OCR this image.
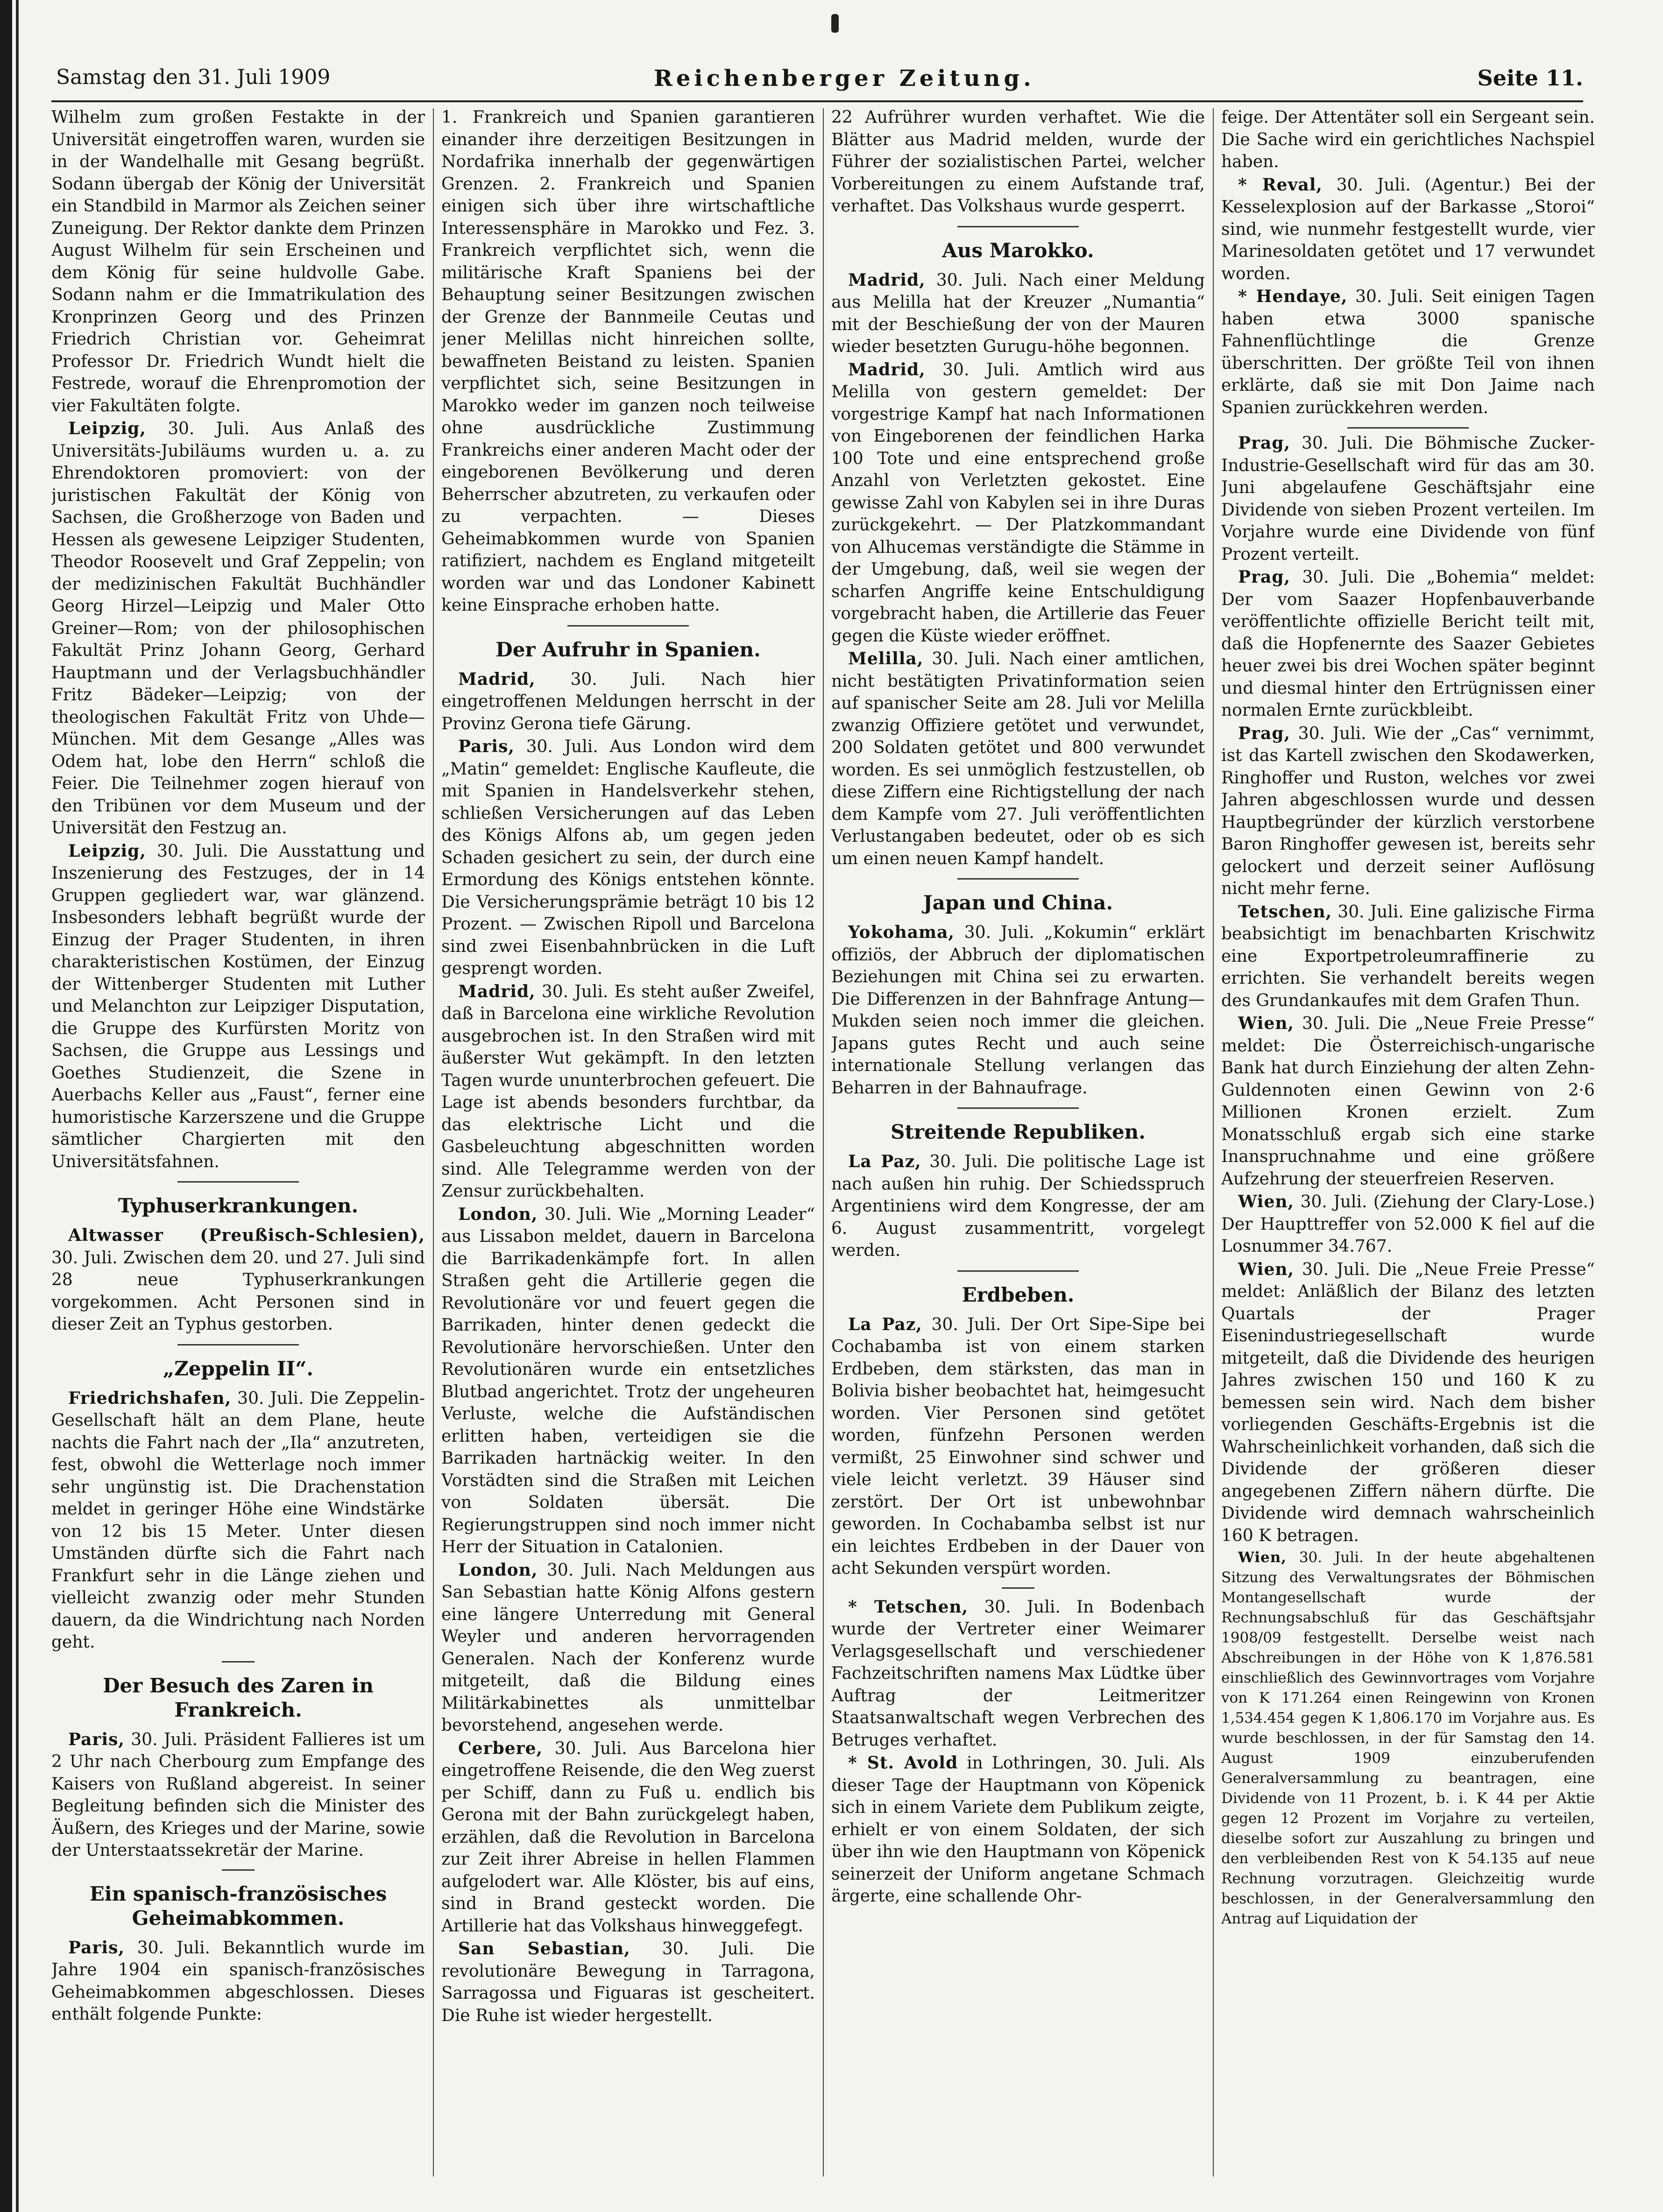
Samstag den 31. Juli 1909	Reichenberger Zeitung.	Seite 11.

Wilhelm zum großen Festakte in der Universität eingetroffen waren, wurden sie in der Wandelhalle mit Gesang begrüßt. Sodann übergab der König der Universität ein Standbild in Marmor als Zeichen seiner Zuneigung. Der Rektor dankte dem Prinzen August Wilhelm für sein Erscheinen und dem König für seine huldvolle Gabe. Sodann nahm er die Immatrikulation des Kronprinzen Georg und des Prinzen Friedrich Christian vor. Geheimrat Professor Dr. Friedrich Wundt hielt die Festrede, worauf die Ehrenpromotion der vier Fakultäten folgte.

Leipzig, 30. Juli. Aus Anlaß des Universitäts-Jubiläums wurden u. a. zu Ehrendoktoren promoviert: von der juristischen Fakultät der König von Sachsen, die Großherzoge von Baden und Hessen als gewesene Leipziger Studenten, Theodor Roosevelt und Graf Zeppelin; von der medizinischen Fakultät Buchhändler Georg Hirzel—Leipzig und Maler Otto Greiner—Rom; von der philosophischen Fakultät Prinz Johann Georg, Gerhard Hauptmann und der Verlagsbuchhändler Fritz Bädeker—Leipzig; von der theologischen Fakultät Fritz von Uhde—München. Mit dem Gesange „Alles was Odem hat, lobe den Herrn“ schloß die Feier. Die Teilnehmer zogen hierauf von den Tribünen vor dem Museum und der Universität den Festzug an.

Leipzig, 30. Juli. Die Ausstattung und Inszenierung des Festzuges, der in 14 Gruppen gegliedert war, war glänzend. Insbesonders lebhaft begrüßt wurde der Einzug der Prager Studenten, in ihren charakteristischen Kostümen, der Einzug der Wittenberger Studenten mit Luther und Melanchton zur Leipziger Disputation, die Gruppe des Kurfürsten Moritz von Sachsen, die Gruppe aus Lessings und Goethes Studienzeit, die Szene in Auerbachs Keller aus „Faust“, ferner eine humoristische Karzerszene und die Gruppe sämtlicher Chargierten mit den Universitätsfahnen.

Typhuserkrankungen.

Altwasser (Preußisch-Schlesien), 30. Juli. Zwischen dem 20. und 27. Juli sind 28 neue Typhuserkrankungen vorgekommen. Acht Personen sind in dieser Zeit an Typhus gestorben.

„Zeppelin II“.

Friedrichshafen, 30. Juli. Die Zeppelin-Gesellschaft hält an dem Plane, heute nachts die Fahrt nach der „Ila“ anzutreten, fest, obwohl die Wetterlage noch immer sehr ungünstig ist. Die Drachenstation meldet in geringer Höhe eine Windstärke von 12 bis 15 Meter. Unter diesen Umständen dürfte sich die Fahrt nach Frankfurt sehr in die Länge ziehen und vielleicht zwanzig oder mehr Stunden dauern, da die Windrichtung nach Norden geht.

Der Besuch des Zaren in Frankreich.

Paris, 30. Juli. Präsident Fallieres ist um 2 Uhr nach Cherbourg zum Empfange des Kaisers von Rußland abgereist. In seiner Begleitung befinden sich die Minister des Äußern, des Krieges und der Marine, sowie der Unterstaatssekretär der Marine.

Ein spanisch-französisches Geheimabkommen.

Paris, 30. Juli. Bekanntlich wurde im Jahre 1904 ein spanisch-französisches Geheimabkommen abgeschlossen. Dieses enthält folgende Punkte:

1. Frankreich und Spanien garantieren einander ihre derzeitigen Besitzungen in Nordafrika innerhalb der gegenwärtigen Grenzen. 2. Frankreich und Spanien einigen sich über ihre wirtschaftliche Interessensphäre in Marokko und Fez. 3. Frankreich verpflichtet sich, wenn die militärische Kraft Spaniens bei der Behauptung seiner Besitzungen zwischen der Grenze der Bannmeile Ceutas und jener Melillas nicht hinreichen sollte, bewaffneten Beistand zu leisten. Spanien verpflichtet sich, seine Besitzungen in Marokko weder im ganzen noch teilweise ohne ausdrückliche Zustimmung Frankreichs einer anderen Macht oder der eingeborenen Bevölkerung und deren Beherrscher abzutreten, zu verkaufen oder zu verpachten. — Dieses Geheimabkommen wurde von Spanien ratifiziert, nachdem es England mitgeteilt worden war und das Londoner Kabinett keine Einsprache erhoben hatte.

Der Aufruhr in Spanien.

Madrid, 30. Juli. Nach hier eingetroffenen Meldungen herrscht in der Provinz Gerona tiefe Gärung.

Paris, 30. Juli. Aus London wird dem „Matin“ gemeldet: Englische Kaufleute, die mit Spanien in Handelsverkehr stehen, schließen Versicherungen auf das Leben des Königs Alfons ab, um gegen jeden Schaden gesichert zu sein, der durch eine Ermordung des Königs entstehen könnte. Die Versicherungsprämie beträgt 10 bis 12 Prozent. — Zwischen Ripoll und Barcelona sind zwei Eisenbahnbrücken in die Luft gesprengt worden.

Madrid, 30. Juli. Es steht außer Zweifel, daß in Barcelona eine wirkliche Revolution ausgebrochen ist. In den Straßen wird mit äußerster Wut gekämpft. In den letzten Tagen wurde ununterbrochen gefeuert. Die Lage ist abends besonders furchtbar, da das elektrische Licht und die Gasbeleuchtung abgeschnitten worden sind. Alle Telegramme werden von der Zensur zurückbehalten.

London, 30. Juli. Wie „Morning Leader“ aus Lissabon meldet, dauern in Barcelona die Barrikadenkämpfe fort. In allen Straßen geht die Artillerie gegen die Revolutionäre vor und feuert gegen die Barrikaden, hinter denen gedeckt die Revolutionäre hervorschießen. Unter den Revolutionären wurde ein entsetzliches Blutbad angerichtet. Trotz der ungeheuren Verluste, welche die Aufständischen erlitten haben, verteidigen sie die Barrikaden hartnäckig weiter. In den Vorstädten sind die Straßen mit Leichen von Soldaten übersät. Die Regierungstruppen sind noch immer nicht Herr der Situation in Catalonien.

London, 30. Juli. Nach Meldungen aus San Sebastian hatte König Alfons gestern eine längere Unterredung mit General Weyler und anderen hervorragenden Generalen. Nach der Konferenz wurde mitgeteilt, daß die Bildung eines Militärkabinettes als unmittelbar bevorstehend, angesehen werde.

Cerbere, 30. Juli. Aus Barcelona hier eingetroffene Reisende, die den Weg zuerst per Schiff, dann zu Fuß u. endlich bis Gerona mit der Bahn zurückgelegt haben, erzählen, daß die Revolution in Barcelona zur Zeit ihrer Abreise in hellen Flammen aufgelodert war. Alle Klöster, bis auf eins, sind in Brand gesteckt worden. Die Artillerie hat das Volkshaus hinweggefegt.

San Sebastian, 30. Juli. Die revolutionäre Bewegung in Tarragona, Sarragossa und Figuaras ist gescheitert. Die Ruhe ist wieder hergestellt.

22 Aufrührer wurden verhaftet. Wie die Blätter aus Madrid melden, wurde der Führer der sozialistischen Partei, welcher Vorbereitungen zu einem Aufstande traf, verhaftet. Das Volkshaus wurde gesperrt.

Aus Marokko.

Madrid, 30. Juli. Nach einer Meldung aus Melilla hat der Kreuzer „Numantia“ mit der Beschießung der von der Mauren wieder besetzten Gurugu-höhe begonnen.

Madrid, 30. Juli. Amtlich wird aus Melilla von gestern gemeldet: Der vorgestrige Kampf hat nach Informationen von Eingeborenen der feindlichen Harka 100 Tote und eine entsprechend große Anzahl von Verletzten gekostet. Eine gewisse Zahl von Kabylen sei in ihre Duras zurückgekehrt. — Der Platzkommandant von Alhucemas verständigte die Stämme in der Umgebung, daß, weil sie wegen der scharfen Angriffe keine Entschuldigung vorgebracht haben, die Artillerie das Feuer gegen die Küste wieder eröffnet.

Melilla, 30. Juli. Nach einer amtlichen, nicht bestätigten Privatinformation seien auf spanischer Seite am 28. Juli vor Melilla zwanzig Offiziere getötet und verwundet, 200 Soldaten getötet und 800 verwundet worden. Es sei unmöglich festzustellen, ob diese Ziffern eine Richtigstellung der nach dem Kampfe vom 27. Juli veröffentlichten Verlustangaben bedeutet, oder ob es sich um einen neuen Kampf handelt.

Japan und China.

Yokohama, 30. Juli. „Kokumin“ erklärt offiziös, der Abbruch der diplomatischen Beziehungen mit China sei zu erwarten. Die Differenzen in der Bahnfrage Antung—Mukden seien noch immer die gleichen. Japans gutes Recht und auch seine internationale Stellung verlangen das Beharren in der Bahnaufrage.

Streitende Republiken.

La Paz, 30. Juli. Die politische Lage ist nach außen hin ruhig. Der Schiedsspruch Argentiniens wird dem Kongresse, der am 6. August zusammentritt, vorgelegt werden.

Erdbeben.

La Paz, 30. Juli. Der Ort Sipe-Sipe bei Cochabamba ist von einem starken Erdbeben, dem stärksten, das man in Bolivia bisher beobachtet hat, heimgesucht worden. Vier Personen sind getötet worden, fünfzehn Personen werden vermißt, 25 Einwohner sind schwer und viele leicht verletzt. 39 Häuser sind zerstört. Der Ort ist unbewohnbar geworden. In Cochabamba selbst ist nur ein leichtes Erdbeben in der Dauer von acht Sekunden verspürt worden.

* Tetschen, 30. Juli. In Bodenbach wurde der Vertreter einer Weimarer Verlagsgesellschaft und verschiedener Fachzeitschriften namens Max Lüdtke über Auftrag der Leitmeritzer Staatsanwaltschaft wegen Verbrechen des Betruges verhaftet.

* St. Avold in Lothringen, 30. Juli. Als dieser Tage der Hauptmann von Köpenick sich in einem Variete dem Publikum zeigte, erhielt er von einem Soldaten, der sich über ihn wie den Hauptmann von Köpenick seinerzeit der Uniform angetane Schmach ärgerte, eine schallende Ohr-

feige. Der Attentäter soll ein Sergeant sein. Die Sache wird ein gerichtliches Nachspiel haben.

* Reval, 30. Juli. (Agentur.) Bei der Kesselexplosion auf der Barkasse „Storoi“ sind, wie nunmehr festgestellt wurde, vier Marinesoldaten getötet und 17 verwundet worden.

* Hendaye, 30. Juli. Seit einigen Tagen haben etwa 3000 spanische Fahnenflüchtlinge die Grenze überschritten. Der größte Teil von ihnen erklärte, daß sie mit Don Jaime nach Spanien zurückkehren werden.

Prag, 30. Juli. Die Böhmische Zucker-Industrie-Gesellschaft wird für das am 30. Juni abgelaufene Geschäftsjahr eine Dividende von sieben Prozent verteilen. Im Vorjahre wurde eine Dividende von fünf Prozent verteilt.

Prag, 30. Juli. Die „Bohemia“ meldet: Der vom Saazer Hopfenbauverbande veröffentlichte offizielle Bericht teilt mit, daß die Hopfenernte des Saazer Gebietes heuer zwei bis drei Wochen später beginnt und diesmal hinter den Ertrügnissen einer normalen Ernte zurückbleibt.

Prag, 30. Juli. Wie der „Cas“ vernimmt, ist das Kartell zwischen den Skodawerken, Ringhoffer und Ruston, welches vor zwei Jahren abgeschlossen wurde und dessen Hauptbegründer der kürzlich verstorbene Baron Ringhoffer gewesen ist, bereits sehr gelockert und derzeit seiner Auflösung nicht mehr ferne.

Tetschen, 30. Juli. Eine galizische Firma beabsichtigt im benachbarten Krischwitz eine Exportpetroleumraffinerie zu errichten. Sie verhandelt bereits wegen des Grundankaufes mit dem Grafen Thun.

Wien, 30. Juli. Die „Neue Freie Presse“ meldet: Die Österreichisch-ungarische Bank hat durch Einziehung der alten Zehn-Guldennoten einen Gewinn von 2·6 Millionen Kronen erzielt. Zum Monatsschluß ergab sich eine starke Inanspruchnahme und eine größere Aufzehrung der steuerfreien Reserven.

Wien, 30. Juli. (Ziehung der Clary-Lose.) Der Haupttreffer von 52.000 K fiel auf die Losnummer 34.767.

Wien, 30. Juli. Die „Neue Freie Presse“ meldet: Anläßlich der Bilanz des letzten Quartals der Prager Eisenindustriegesellschaft wurde mitgeteilt, daß die Dividende des heurigen Jahres zwischen 150 und 160 K zu bemessen sein wird. Nach dem bisher vorliegenden Geschäfts-Ergebnis ist die Wahrscheinlichkeit vorhanden, daß sich die Dividende der größeren dieser angegebenen Ziffern nähern dürfte. Die Dividende wird demnach wahrscheinlich 160 K betragen.

Wien, 30. Juli. In der heute abgehaltenen Sitzung des Verwaltungsrates der Böhmischen Montangesellschaft wurde der Rechnungsabschluß für das Geschäftsjahr 1908/09 festgestellt. Derselbe weist nach Abschreibungen in der Höhe von K 1,876.581 einschließlich des Gewinnvortrages vom Vorjahre von K 171.264 einen Reingewinn von Kronen 1,534.454 gegen K 1,806.170 im Vorjahre aus. Es wurde beschlossen, in der für Samstag den 14. August 1909 einzuberufenden Generalversammlung zu beantragen, eine Dividende von 11 Prozent, b. i. K 44 per Aktie gegen 12 Prozent im Vorjahre zu verteilen, dieselbe sofort zur Auszahlung zu bringen und den verbleibenden Rest von K 54.135 auf neue Rechnung vorzutragen. Gleichzeitig wurde beschlossen, in der Generalversammlung den Antrag auf Liquidation der
